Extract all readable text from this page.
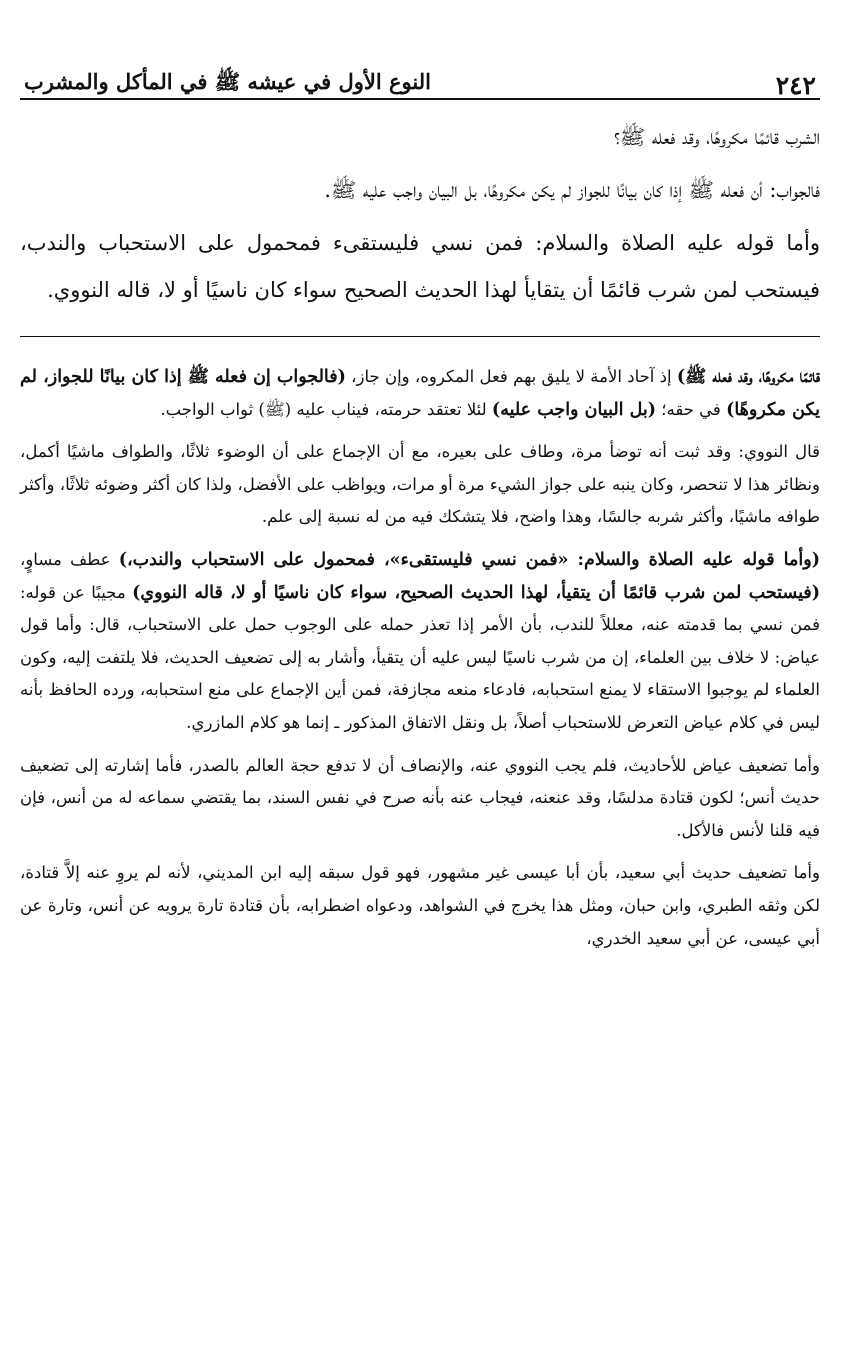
٢٤٢
النوع الأول في عيشه ﷺ في المأكل والمشرب

الشرب قائمًا مكروهًا، وقد فعله ﷺ؟

فالجواب: أن فعله ﷺ إذا كان بيانًا للجواز لم يكن مكروهًا، بل البيان واجب عليه ﷺ.

وأما قوله عليه الصلاة والسلام: فمن نسي فليستقىء فمحمول على الاستحباب والندب، فيستحب لمن شرب قائمًا أن يتقايأ لهذا الحديث الصحيح سواء كان ناسيًا أو لا، قاله النووي.

قائمًا مكروهًا، وقد فعله ﷺ) إذ آحاد الأمة لا يليق بهم فعل المكروه، وإن جاز، (فالجواب إن فعله ﷺ إذا كان بيانًا للجواز، لم يكن مكروهًا) في حقه؛ (بل البيان واجب عليه) لئلا تعتقد حرمته، فيناب عليه (ﷺ) ثواب الواجب.

قال النووي: وقد ثبت أنه توضأ مرة، وطاف على بعيره، مع أن الإجماع على أن الوضوء ثلاثًا، والطواف ماشيًا أكمل، ونظائر هذا لا تنحصر، وكان ينبه على جواز الشيء مرة أو مرات، ويواظب على الأفضل، ولذا كان أكثر وضوئه ثلاثًا، وأكثر طوافه ماشيًا، وأكثر شربه جالسًا، وهذا واضح، فلا يتشكك فيه من له نسبة إلى علم.

(وأما قوله عليه الصلاة والسلام: «فمن نسي فليستقىء»، فمحمول على الاستحباب والندب،) عطف مساوٍ، (فيستحب لمن شرب قائمًا أن يتقيأ، لهذا الحديث الصحيح، سواء كان ناسيًا أو لا، قاله النووي) مجيبًا عن قوله: فمن نسي بما قدمته عنه، معللاً للندب، بأن الأمر إذا تعذر حمله على الوجوب حمل على الاستحباب، قال: وأما قول عياض: لا خلاف بين العلماء، إن من شرب ناسيًا ليس عليه أن يتقيأ، وأشار به إلى تضعيف الحديث، فلا يلتفت إليه، وكون العلماء لم يوجبوا الاستقاء لا يمنع استحبابه، فادعاء منعه مجازفة، فمن أين الإجماع على منع استحبابه، ورده الحافظ بأنه ليس في كلام عياض التعرض للاستحباب أصلاً، بل ونقل الاتفاق المذكور ـ إنما هو كلام المازري.

وأما تضعيف عياض للأحاديث، فلم يجب النووي عنه، والإنصاف أن لا تدفع حجة العالم بالصدر، فأما إشارته إلى تضعيف حديث أنس؛ لكون قتادة مدلسًا، وقد عنعنه، فيجاب عنه بأنه صرح في نفس السند، بما يقتضي سماعه له من أنس، فإن فيه قلنا لأنس فالأكل.

وأما تضعيف حديث أبي سعيد، بأن أبا عيسى غير مشهور، فهو قول سبقه إليه ابن المديني، لأنه لم يروِ عنه إلاَّ قتادة، لكن وثقه الطبري، وابن حبان، ومثل هذا يخرج في الشواهد، ودعواه اضطرابه، بأن قتادة تارة يرويه عن أنس، وتارة عن أبي عيسى، عن أبي سعيد الخدري،
